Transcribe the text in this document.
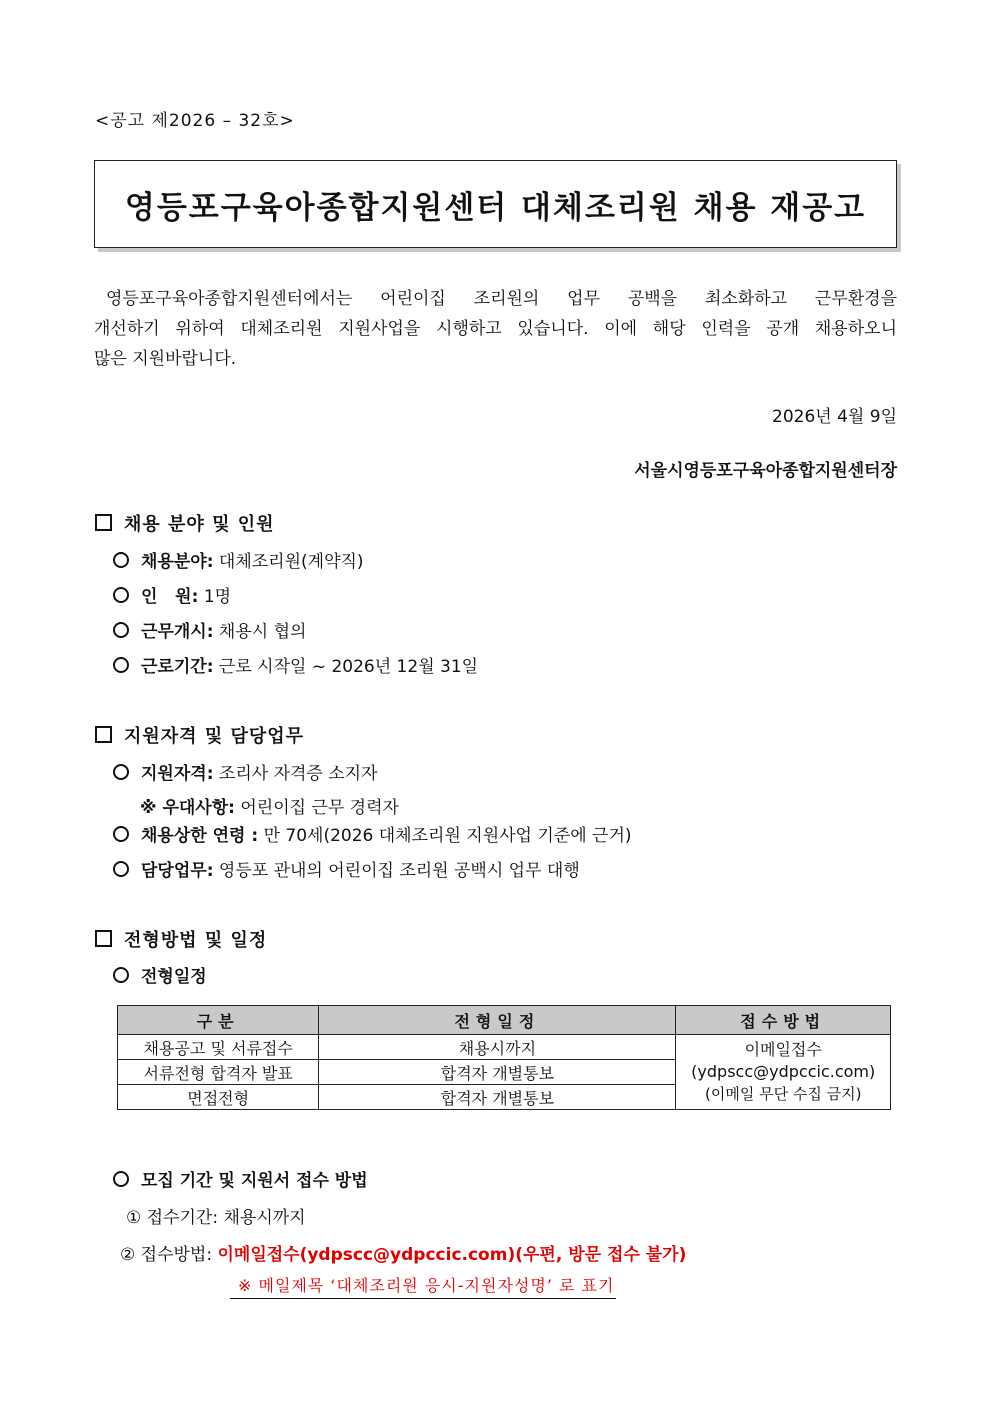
<공고 제2026 – 32호>
영등포구육아종합지원센터 대체조리원 채용 재공고
영등포구육아종합지원센터에서는 어린이집 조리원의 업무 공백을 최소화하고 근무환경을
개선하기 위하여 대체조리원 지원사업을 시행하고 있습니다. 이에 해당 인력을 공개 채용하오니
많은 지원바랍니다.
2026년 4월 9일
서울시영등포구육아종합지원센터장
채용 분야 및 인원
채용분야: 대체조리원(계약직)
인   원: 1명
근무개시: 채용시 협의
근로기간: 근로 시작일 ~ 2026년 12월 31일
지원자격 및 담당업무
지원자격: 조리사 자격증 소지자
※ 우대사항: 어린이집 근무 경력자
채용상한 연령 : 만 70세(2026 대체조리원 지원사업 기준에 근거)
담당업무: 영등포 관내의 어린이집 조리원 공백시 업무 대행
전형방법 및 일정
전형일정
구분	전형일정	접수방법
채용공고 및 서류접수	채용시까지	이메일접수
(ydpscc@ydpccic.com)
(이메일 무단 수집 금지)

서류전형 합격자 발표	합격자 개별통보	
면접전형	합격자 개별통보	
모집 기간 및 지원서 접수 방법
① 접수기간: 채용시까지
② 접수방법: 이메일접수(ydpscc@ydpccic.com)(우편, 방문 접수 불가)
※ 메일제목 ‘대체조리원 응시-지원자성명’ 로 표기
